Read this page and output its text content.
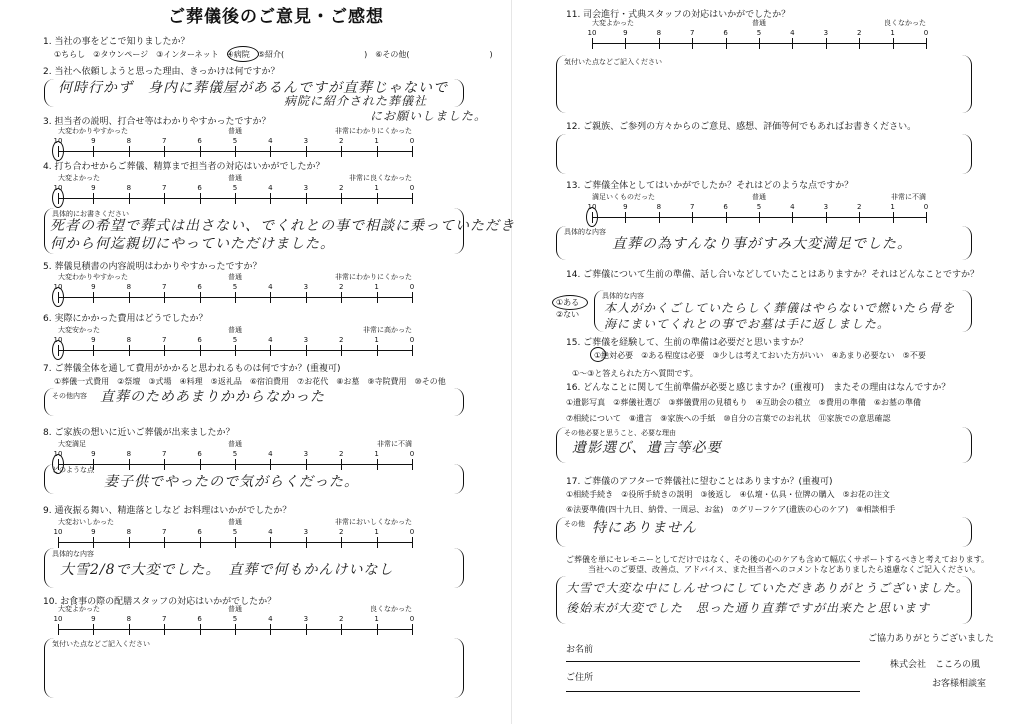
ご葬儀後のご意見・ご感想
1. 当社の事をどこで知りましたか？
①ちらし　②タウンページ　③インターネット　④病院　⑤紹介(　　　　　　　　　　)　⑥その他(　　　　　　　　　　)
2. 当社へ依頼しようと思った理由、きっかけは何ですか？
何時行かず　身内に葬儀屋があるんですが直葬じゃないで
病院に紹介された葬儀社
にお願いしました。
3. 担当者の説明、打合せ等はわかりやすかったですか？
大変わかりやすかった	普通	非常にわかりにくかった
10	9	8	7	6	5	4	3	2	1	0
4. 打ち合わせからご葬儀、精算まで担当者の対応はいかがでしたか？
大変よかった	普通	非常に良くなかった
10	9	8	7	6	5	4	3	2	1	0
具体的にお書きください
死者の希望で葬式は出さない、でくれとの事で相談に乗っていただき
何から何迄親切にやっていただけました。
5. 葬儀見積書の内容説明はわかりやすかったですか？
大変わかりやすかった	普通	非常にわかりにくかった
10	9	8	7	6	5	4	3	2	1	0
6. 実際にかかった費用はどうでしたか？
大変安かった	普通	非常に高かった
10	9	8	7	6	5	4	3	2	1	0
7. ご葬儀全体を通して費用がかかると思われるものは何ですか？(重複可)
①葬儀一式費用　②祭壇　③式場　④料理　⑤返礼品　⑥宿泊費用　⑦お花代　⑧お墓　⑨寺院費用　⑩その他
その他内容 直葬のためあまりかからなかった
8. ご家族の想いに近いご葬儀が出来ましたか？
大変満足	普通	非常に不満
10	9	8	7	6	5	4	3	2	1	0
どのような点
妻子供でやったので気がらくだった。
9. 通夜振る舞い、精進落としなど お料理はいかがでしたか？
大変おいしかった	普通	非常においしくなかった
10	9	8	7	6	5	4	3	2	1	0
具体的な内容
大雪2/8で大変でした。　直葬で何もかんけいなし
10. お食事の際の配膳スタッフの対応はいかがでしたか？
大変よかった	普通	良くなかった
10	9	8	7	6	5	4	3	2	1	0
気付いた点などご記入ください
11. 司会進行・式典スタッフの対応はいかがでしたか？
大変よかった	普通	良くなかった
10	9	8	7	6	5	4	3	2	1	0
気付いた点などご記入ください
12. ご親族、ご参列の方々からのご意見、感想、評価等何でもあればお書きください。
13. ご葬儀全体としてはいかがでしたか？それはどのような点ですか？
満足いくものだった	普通	非常に不満
10	9	8	7	6	5	4	3	2	1	0
具体的な内容
直葬の為すんなり事がすみ大変満足でした。
14. ご葬儀について生前の準備、話し合いなどしていたことはありますか？それはどんなことですか？
①ある
②ない
具体的な内容
本人がかくごしていたらしく葬儀はやらないで燃いたら骨を
海にまいてくれとの事でお墓は手に返しました。
15. ご葬儀を経験して、生前の準備は必要だと思いますか？
①絶対必要　②ある程度は必要　③少しは考えておいた方がいい　④あまり必要ない　⑤不要
①～③と答えられた方へ質問です。
16. どんなことに関して生前準備が必要と感じますか？(重複可)　またその理由はなんですか？
①遺影写真　②葬儀社選び　③葬儀費用の見積もり　④互助会の積立　⑤費用の準備　⑥お墓の準備
⑦相続について　⑧遺言　⑨家族への手紙　⑩自分の言葉でのお礼状　⑪家族での意思確認
その他必要と思うこと、必要な理由
遺影選び、遺言等必要
17. ご葬儀のアフターで葬儀社に望むことはありますか？(重複可)
①相続手続き　②役所手続きの説明　③後返し　④仏壇・仏具・位牌の購入　⑤お花の注文
⑥法要準備(四十九日、納骨、一周忌、お盆)　⑦グリーフケア(遺族の心のケア)　⑧相談相手
その他 特にありません
ご葬儀を単にセレモニーとしてだけではなく、その後の心のケアも含めて幅広くサポートするべきと考えております。
当社へのご要望、改善点、アドバイス、また担当者へのコメントなどありましたら遠慮なくご記入ください。
大雪で大変な中にしんせつにしていただきありがとうございました。
後始末が大変でした　思った通り直葬ですが出来たと思います
ご協力ありがとうございました
お名前
ご住所
株式会社　こころの風
お客様相談室
